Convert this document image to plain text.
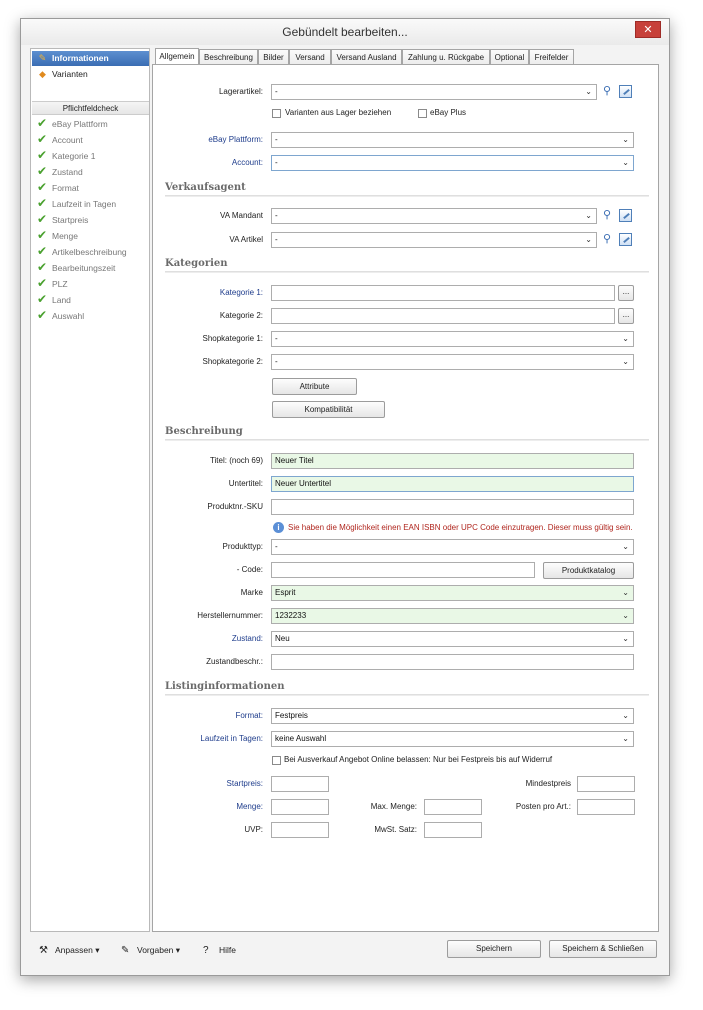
Gebündelt bearbeiten...	✕
✎ Informationen
◆ Varianten
Pflichtfeldcheck
✔ eBay Plattform
✔ Account
✔ Kategorie 1
✔ Zustand
✔ Format
✔ Laufzeit in Tagen
✔ Startpreis
✔ Menge
✔ Artikelbeschreibung
✔ Bearbeitungszeit
✔ PLZ
✔ Land
✔ Auswahl
Allgemein	Beschreibung	Bilder	Versand	Versand Ausland	Zahlung u. Rückgabe	Optional	Freifelder
Lagerartikel:	-	⌄ ⚲
Varianten aus Lager beziehen	eBay Plus
eBay Plattform:	-	⌄
Account:	-	⌄
Verkaufsagent
VA Mandant	-	⌄ ⚲
VA Artikel	-	⌄ ⚲
Kategorien
Kategorie 1:	...
Kategorie 2:	...
Shopkategorie 1:	-	⌄
Shopkategorie 2:	-	⌄
Attribute
Kompatibilität
Beschreibung
Titel: (noch 69)	Neuer Titel
Untertitel:	Neuer Untertitel
Produktnr.-SKU
i	Sie haben die Möglichkeit einen EAN ISBN oder UPC Code einzutragen. Dieser muss gültig sein.
Produkttyp:	-	⌄
- Code:	Produktkatalog
Marke	Esprit	⌄
Herstellernummer:	1232233	⌄
Zustand:	Neu	⌄
Zustandbeschr.:
Listinginformationen
Format:	Festpreis	⌄
Laufzeit in Tagen:	keine Auswahl	⌄
Bei Ausverkauf Angebot Online belassen: Nur bei Festpreis bis auf Widerruf
Startpreis:	Mindestpreis
Menge:	Max. Menge:	Posten pro Art.:
UVP:	MwSt. Satz:
⚒ Anpassen ▾ ✎ Vorgaben ▾ ? Hilfe	Speichern	Speichern & Schließen
